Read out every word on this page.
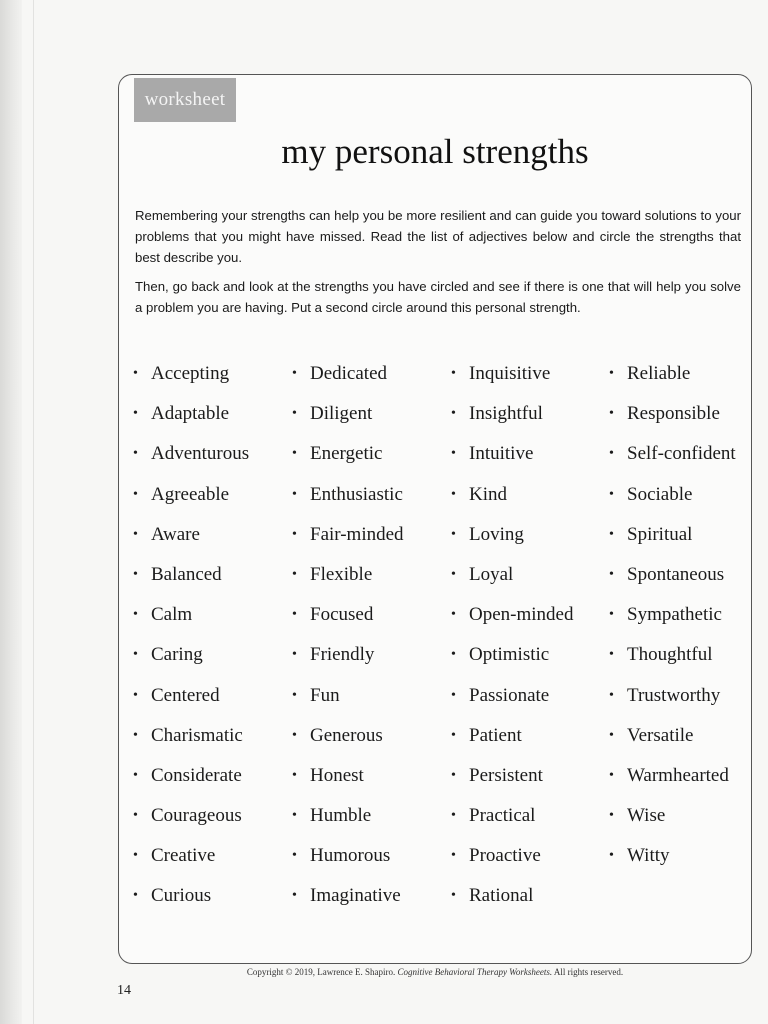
worksheet
my personal strengths

Remembering your strengths can help you be more resilient and can guide you toward solutions to your problems that you might have missed. Read the list of adjectives below and circle the strengths that best describe you.

Then, go back and look at the strengths you have circled and see if there is one that will help you solve a problem you are having. Put a second circle around this personal strength.

• Accepting
• Adaptable
• Adventurous
• Agreeable
• Aware
• Balanced
• Calm
• Caring
• Centered
• Charismatic
• Considerate
• Courageous
• Creative
• Curious
• Dedicated
• Diligent
• Energetic
• Enthusiastic
• Fair-minded
• Flexible
• Focused
• Friendly
• Fun
• Generous
• Honest
• Humble
• Humorous
• Imaginative
• Inquisitive
• Insightful
• Intuitive
• Kind
• Loving
• Loyal
• Open-minded
• Optimistic
• Passionate
• Patient
• Persistent
• Practical
• Proactive
• Rational
• Reliable
• Responsible
• Self-confident
• Sociable
• Spiritual
• Spontaneous
• Sympathetic
• Thoughtful
• Trustworthy
• Versatile
• Warmhearted
• Wise
• Witty
Copyright © 2019, Lawrence E. Shapiro. Cognitive Behavioral Therapy Worksheets. All rights reserved.
14
